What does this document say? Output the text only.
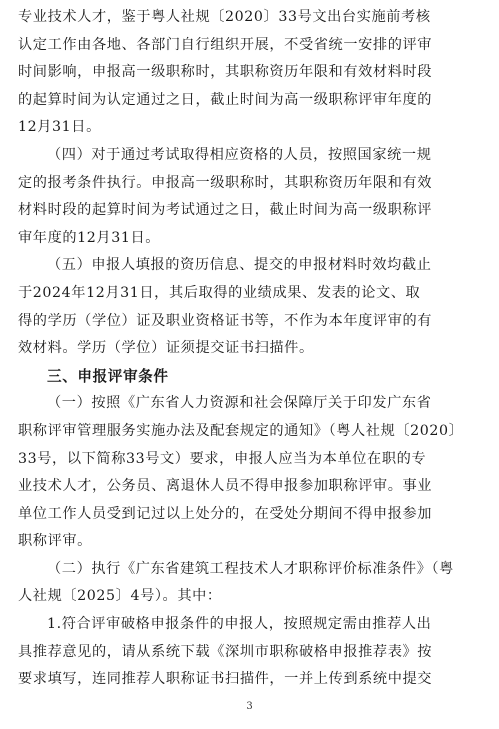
专业技术人才，鉴于粤人社规〔2020〕33号文出台实施前考核
认定工作由各地、各部门自行组织开展，不受省统一安排的评审
时间影响，申报高一级职称时，其职称资历年限和有效材料时段
的起算时间为认定通过之日，截止时间为高一级职称评审年度的
12月31日。

（四）对于通过考试取得相应资格的人员，按照国家统一规
定的报考条件执行。申报高一级职称时，其职称资历年限和有效
材料时段的起算时间为考试通过之日，截止时间为高一级职称评
审年度的12月31日。

（五）申报人填报的资历信息、提交的申报材料时效均截止
于2024年12月31日，其后取得的业绩成果、发表的论文、取
得的学历（学位）证及职业资格证书等，不作为本年度评审的有
效材料。学历（学位）证须提交证书扫描件。

三、申报评审条件

（一）按照《广东省人力资源和社会保障厅关于印发广东省
职称评审管理服务实施办法及配套规定的通知》（粤人社规〔2020〕
33号，以下简称33号文）要求，申报人应当为本单位在职的专
业技术人才，公务员、离退休人员不得申报参加职称评审。事业
单位工作人员受到记过以上处分的，在受处分期间不得申报参加
职称评审。

（二）执行《广东省建筑工程技术人才职称评价标准条件》（粤
人社规〔2025〕4号）。其中：

1.符合评审破格申报条件的申报人，按照规定需由推荐人出
具推荐意见的，请从系统下载《深圳市职称破格申报推荐表》按
要求填写，连同推荐人职称证书扫描件，一并上传到系统中提交

3
